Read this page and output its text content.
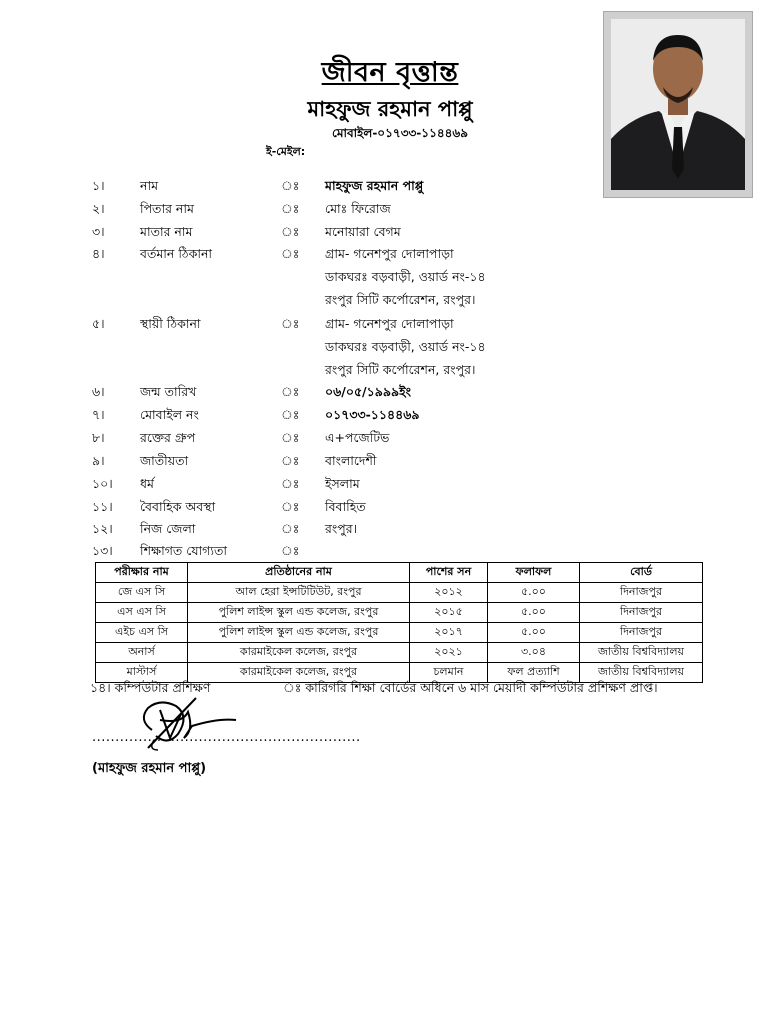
জীবন বৃত্তান্ত
মাহফুজ রহমান পাপ্পু
মোবাইল-০১৭৩৩-১১৪৪৬৯
ই-মেইল:
১।	নাম	ঃ মাহফুজ রহমান পাপ্পু
২।	পিতার নাম	ঃ মোঃ ফিরোজ
৩।	মাতার নাম	ঃ মনোয়ারা বেগম
৪।	বর্তমান ঠিকানা	ঃ গ্রাম- গনেশপুর দোলাপাড়া
ডাকঘরঃ বড়বাড়ী, ওয়ার্ড নং-১৪
রংপুর সিটি কর্পোরেশন, রংপুর।
৫।	স্থায়ী ঠিকানা	ঃ গ্রাম- গনেশপুর দোলাপাড়া
ডাকঘরঃ বড়বাড়ী, ওয়ার্ড নং-১৪
রংপুর সিটি কর্পোরেশন, রংপুর।
৬।	জন্ম তারিখ	ঃ ০৬/০৫/১৯৯৯ইং
৭।	মোবাইল নং	ঃ ০১৭৩৩-১১৪৪৬৯
৮।	রক্তের গ্রুপ	ঃ এ+পজেটিভ
৯।	জাতীয়তা	ঃ বাংলাদেশী
১০। ধর্ম	ঃ ইসলাম
১১। বৈবাহিক অবস্থা	ঃ বিবাহিত
১২। নিজ জেলা	ঃ রংপুর।
১৩। শিক্ষাগত যোগ্যতা	ঃ
পরীক্ষার নাম	প্রতিষ্ঠানের নাম	পাশের সন	ফলাফল	বোর্ড
জে এস সি	আল হেরা ইন্সটিটিউট, রংপুর	২০১২	৫.০০	দিনাজপুর
এস এস সি	পুলিশ লাইন্স স্কুল এন্ড কলেজ, রংপুর	২০১৫	৫.০০	দিনাজপুর
এইচ এস সি	পুলিশ লাইন্স স্কুল এন্ড কলেজ, রংপুর	২০১৭	৫.০০	দিনাজপুর
অনার্স	কারমাইকেল কলেজ, রংপুর	২০২১	৩.০৪	জাতীয় বিশ্ববিদ্যালয়
মাস্টার্স	কারমাইকেল কলেজ, রংপুর	চলমান	ফল প্রত্যাশি	জাতীয় বিশ্ববিদ্যালয়
১৪। কম্পিউটার প্রশিক্ষণ	ঃ কারিগরি শিক্ষা বোর্ডের অধিনে ৬ মাস মেয়াদী কম্পিউটার প্রশিক্ষণ প্রাপ্ত।
..........................................................
(মাহফুজ রহমান পাপ্পু)
